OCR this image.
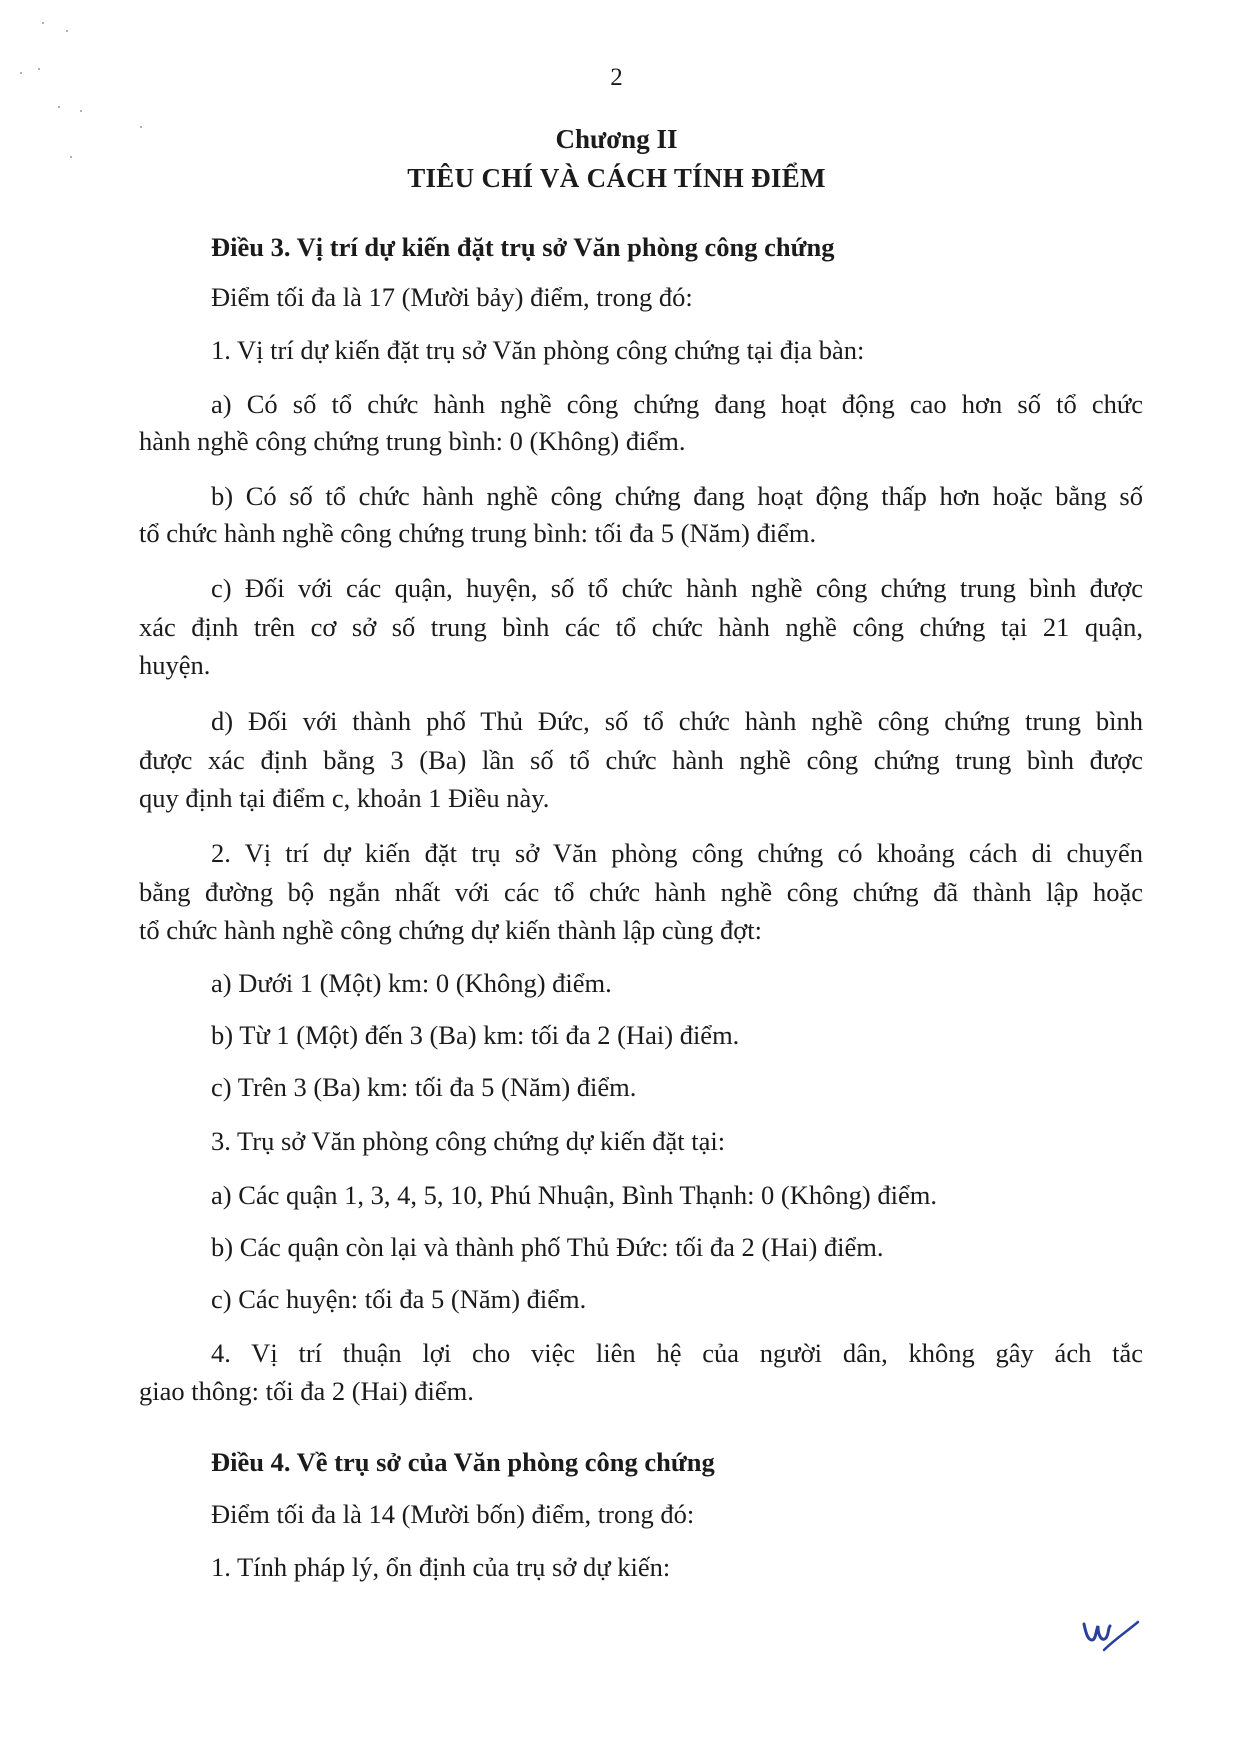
2
Chương II
TIÊU CHÍ VÀ CÁCH TÍNH ĐIỂM
Điều 3. Vị trí dự kiến đặt trụ sở Văn phòng công chứng
Điểm tối đa là 17 (Mười bảy) điểm, trong đó:
1. Vị trí dự kiến đặt trụ sở Văn phòng công chứng tại địa bàn:
a) Có số tổ chức hành nghề công chứng đang hoạt động cao hơn số tổ chức
hành nghề công chứng trung bình: 0 (Không) điểm.
b) Có số tổ chức hành nghề công chứng đang hoạt động thấp hơn hoặc bằng số
tổ chức hành nghề công chứng trung bình: tối đa 5 (Năm) điểm.
c) Đối với các quận, huyện, số tổ chức hành nghề công chứng trung bình được
xác định trên cơ sở số trung bình các tổ chức hành nghề công chứng tại 21 quận,
huyện.
d) Đối với thành phố Thủ Đức, số tổ chức hành nghề công chứng trung bình
được xác định bằng 3 (Ba) lần số tổ chức hành nghề công chứng trung bình được
quy định tại điểm c, khoản 1 Điều này.
2. Vị trí dự kiến đặt trụ sở Văn phòng công chứng có khoảng cách di chuyển
bằng đường bộ ngắn nhất với các tổ chức hành nghề công chứng đã thành lập hoặc
tổ chức hành nghề công chứng dự kiến thành lập cùng đợt:
a) Dưới 1 (Một) km: 0 (Không) điểm.
b) Từ 1 (Một) đến 3 (Ba) km: tối đa 2 (Hai) điểm.
c) Trên 3 (Ba) km: tối đa 5 (Năm) điểm.
3. Trụ sở Văn phòng công chứng dự kiến đặt tại:
a) Các quận 1, 3, 4, 5, 10, Phú Nhuận, Bình Thạnh: 0 (Không) điểm.
b) Các quận còn lại và thành phố Thủ Đức: tối đa 2 (Hai) điểm.
c) Các huyện: tối đa 5 (Năm) điểm.
4. Vị trí thuận lợi cho việc liên hệ của người dân, không gây ách tắc
giao thông: tối đa 2 (Hai) điểm.
Điều 4. Về trụ sở của Văn phòng công chứng
Điểm tối đa là 14 (Mười bốn) điểm, trong đó:
1. Tính pháp lý, ổn định của trụ sở dự kiến:
